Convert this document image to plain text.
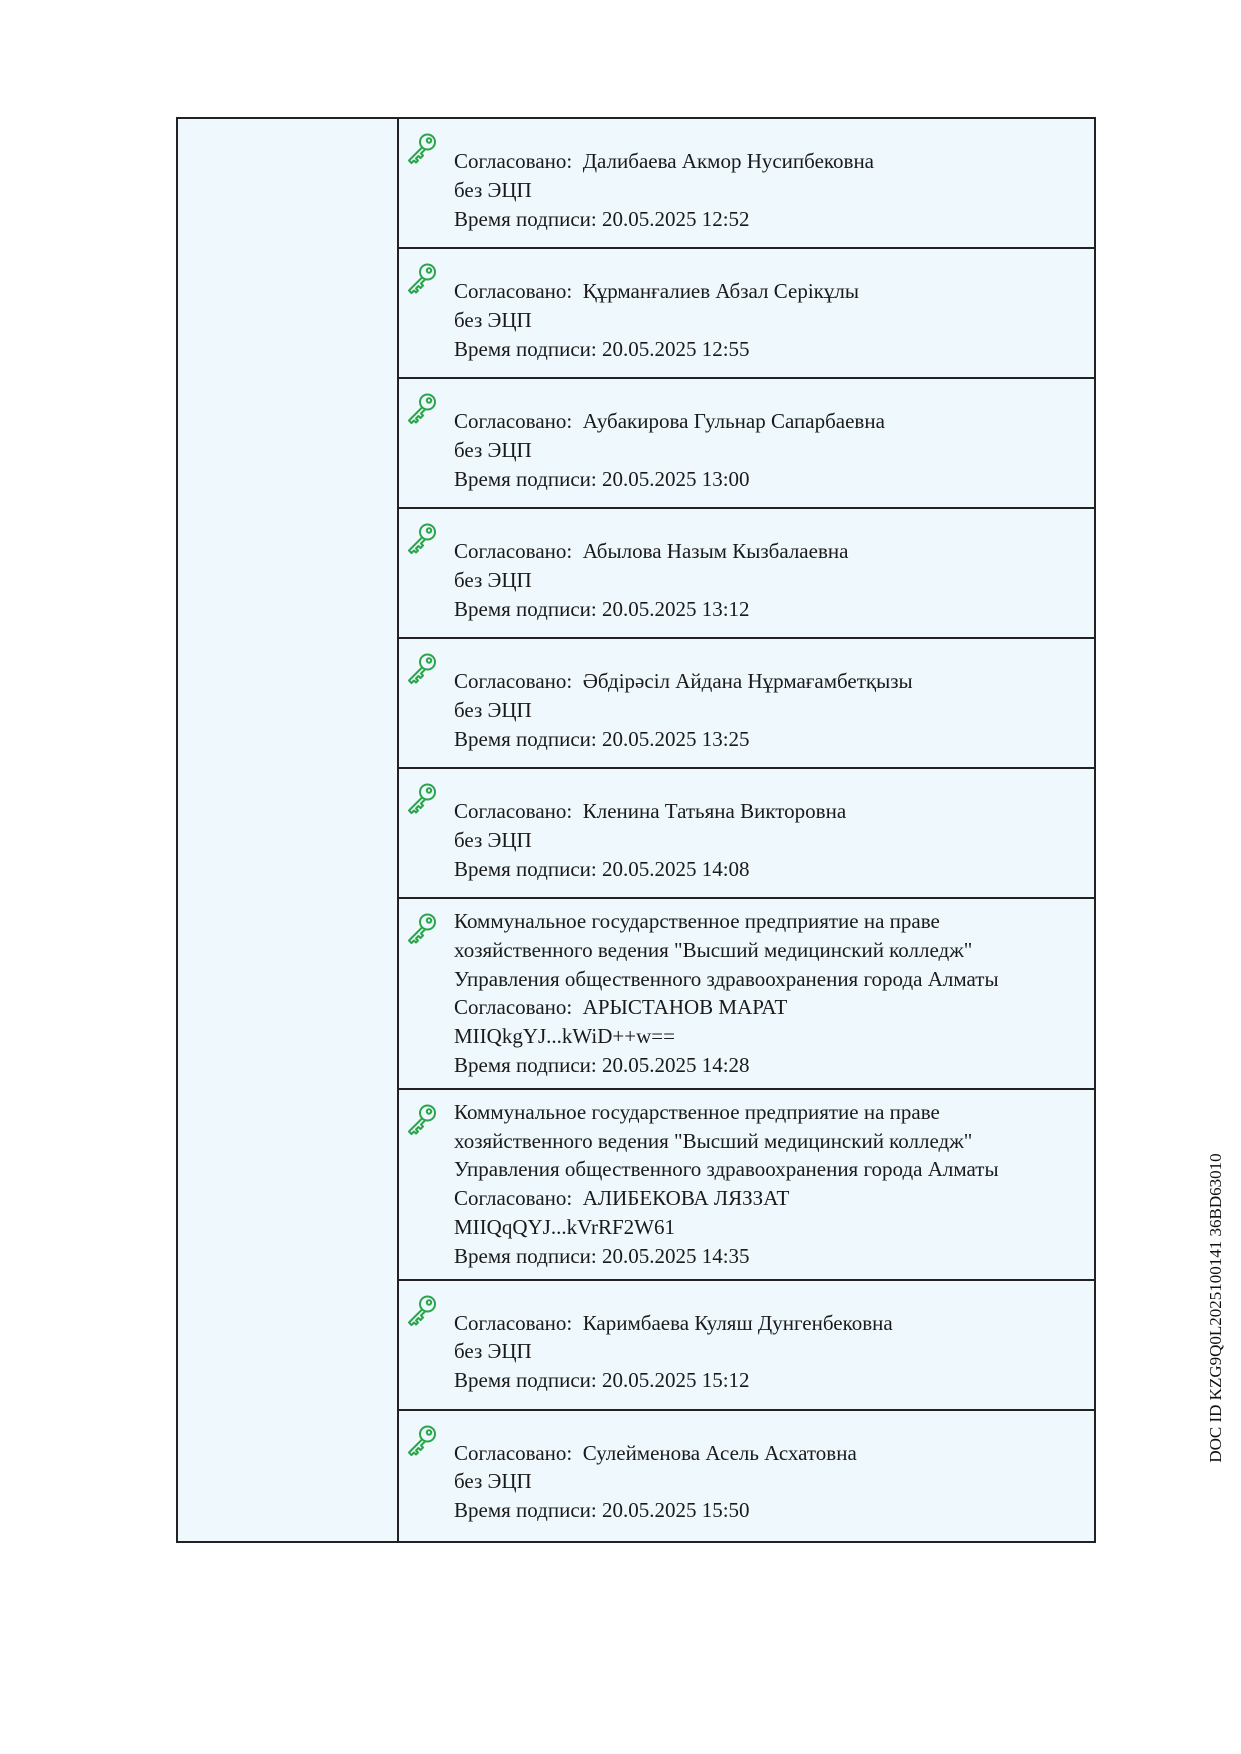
Согласовано:  Далибаева Акмор Нусипбековна
без ЭЦП
Время подписи: 20.05.2025 12:52
Согласовано:  Құрманғалиев Абзал Серікұлы
без ЭЦП
Время подписи: 20.05.2025 12:55
Согласовано:  Аубакирова Гульнар Сапарбаевна
без ЭЦП
Время подписи: 20.05.2025 13:00
Согласовано:  Абылова Назым Кызбалаевна
без ЭЦП
Время подписи: 20.05.2025 13:12
Согласовано:  Әбдірәсіл Айдана Нұрмағамбетқызы
без ЭЦП
Время подписи: 20.05.2025 13:25
Согласовано:  Кленина Татьяна Викторовна
без ЭЦП
Время подписи: 20.05.2025 14:08
Коммунальное государственное предприятие на праве
хозяйственного ведения "Высший медицинский колледж"
Управления общественного здравоохранения города Алматы
Согласовано:  АРЫСТАНОВ МАРАТ
MIIQkgYJ...kWiD++w==
Время подписи: 20.05.2025 14:28
Коммунальное государственное предприятие на праве
хозяйственного ведения "Высший медицинский колледж"
Управления общественного здравоохранения города Алматы
Согласовано:  АЛИБЕКОВА ЛЯЗЗАТ
MIIQqQYJ...kVrRF2W61
Время подписи: 20.05.2025 14:35
Согласовано:  Каримбаева Куляш Дунгенбековна
без ЭЦП
Время подписи: 20.05.2025 15:12
Согласовано:  Сулейменова Асель Асхатовна
без ЭЦП
Время подписи: 20.05.2025 15:50
DOC ID KZG9Q0L2025100141 36BD63010
